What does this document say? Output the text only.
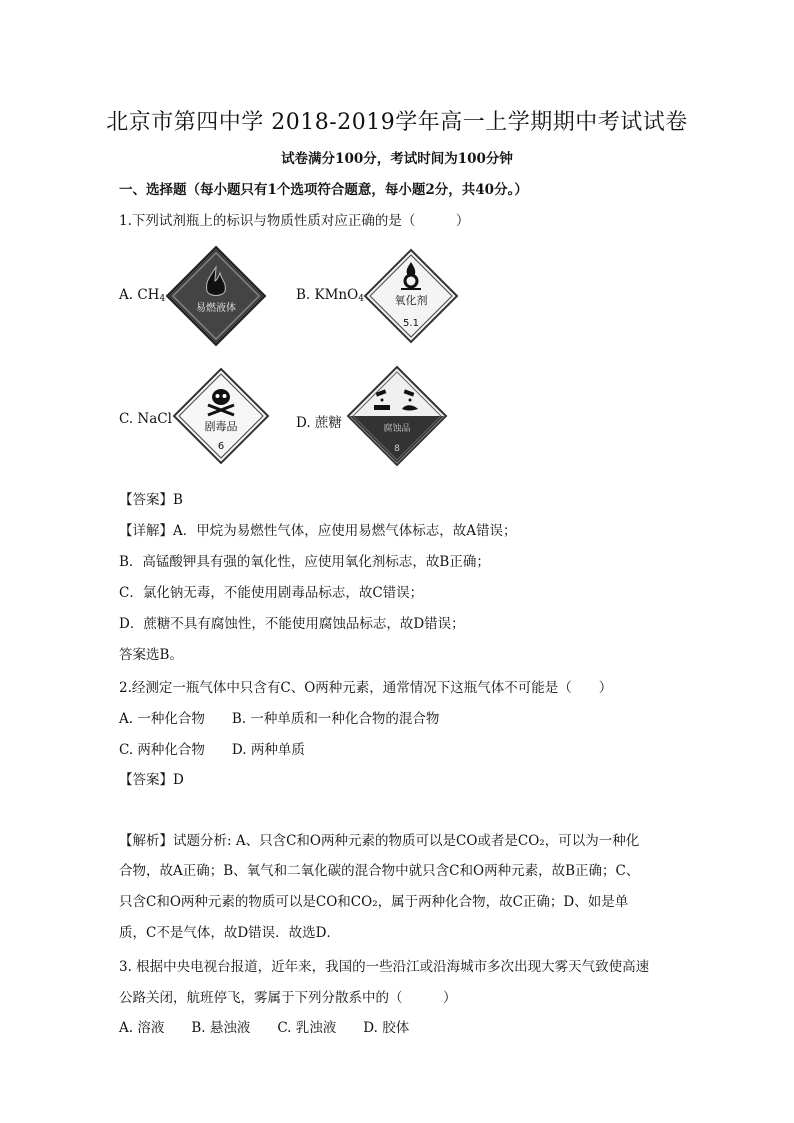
北京市第四中学 2018-2019学年高一上学期期中考试试卷
试卷满分100分，考试时间为100分钟
一、选择题（每小题只有1个选项符合题意，每小题2分，共40分。）
1.下列试剂瓶上的标识与物质性质对应正确的是（　　　）
A. $CH_4$
易燃液体
B. KMnO$_4$	氧化剂
5.1
C. NaCl	剧毒品
6
D. 蔗糖	腐蚀品
8
【答案】B
【详解】A．甲烷为易燃性气体，应使用易燃气体标志，故A错误；
B．高锰酸钾具有强的氧化性，应使用氧化剂标志，故B正确；
C．氯化钠无毒，不能使用剧毒品标志，故C错误；
D．蔗糖不具有腐蚀性，不能使用腐蚀品标志，故D错误；
答案选B。
2.经测定一瓶气体中只含有C、O两种元素，通常情况下这瓶气体不可能是（　　）
A. 一种化合物　　B. 一种单质和一种化合物的混合物
C. 两种化合物　　D. 两种单质
【答案】D
【解析】试题分析: A、只含C和O两种元素的物质可以是CO或者是CO₂，可以为一种化
合物，故A正确；B、氧气和二氧化碳的混合物中就只含C和O两种元素，故B正确；C、
只含C和O两种元素的物质可以是CO和CO₂，属于两种化合物，故C正确；D、如是单
质，C不是气体，故D错误．故选D．
3. 根据中央电视台报道，近年来，我国的一些沿江或沿海城市多次出现大雾天气致使高速
公路关闭，航班停飞，雾属于下列分散系中的（　　　）
A. 溶液　　B. 悬浊液　　C. 乳浊液　　D. 胶体
